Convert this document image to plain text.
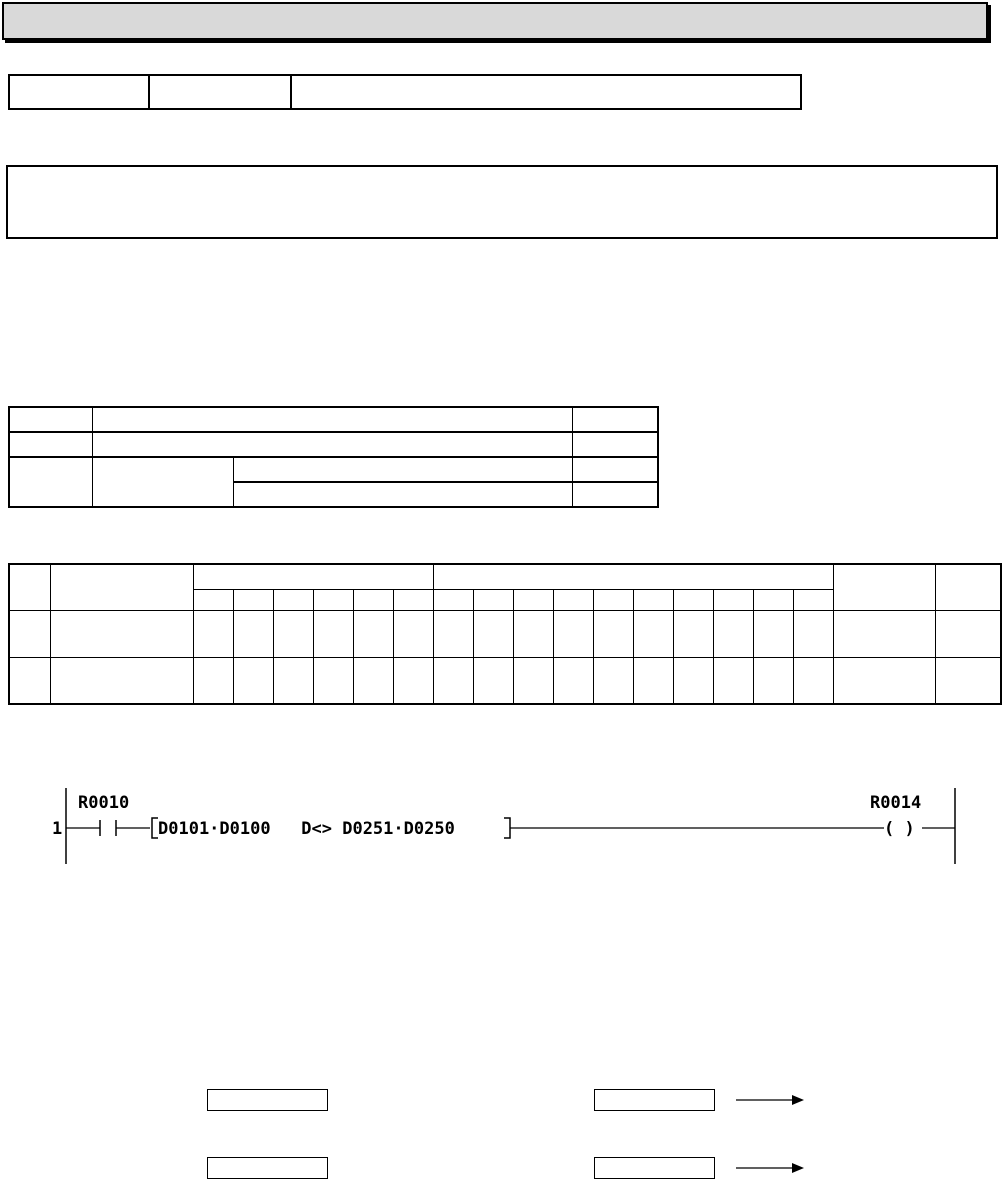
1
R0010
D0101·D0100   D<> D0251·D0250
R0014
( )
